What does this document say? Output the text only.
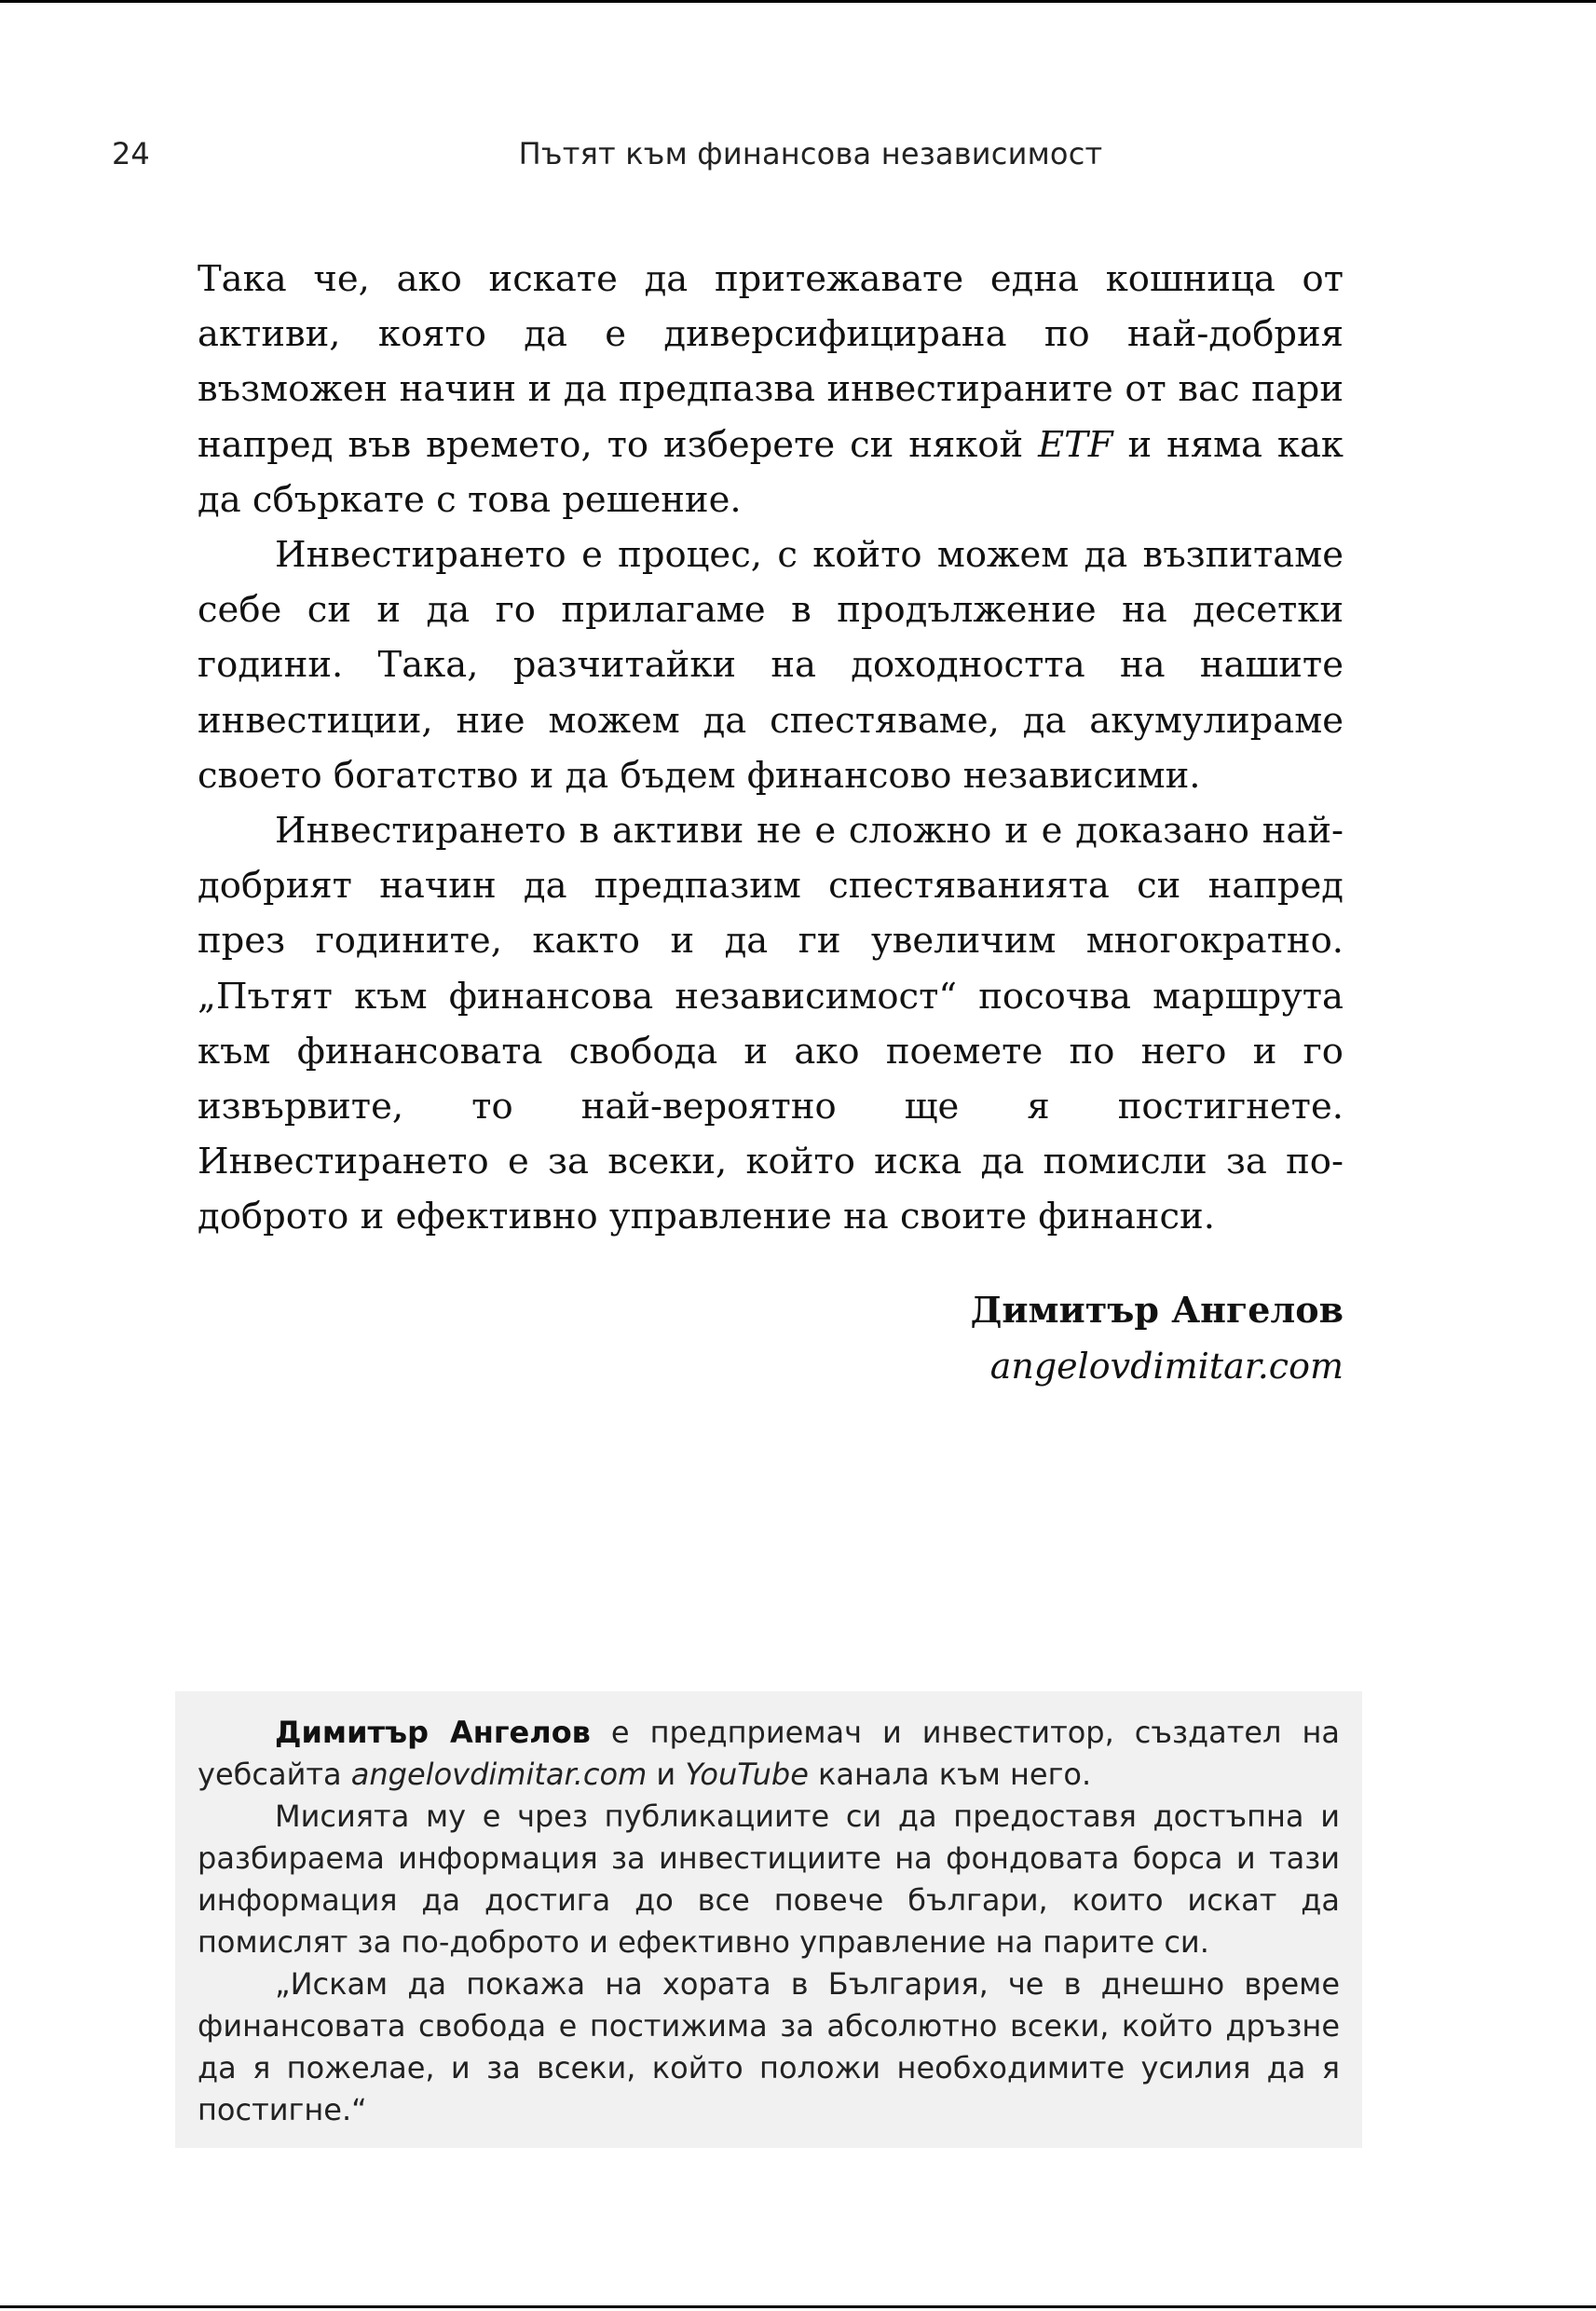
24	Пътят към финансова независимост

Така че, ако искате да притежавате една кошница от активи, която да е диверсифицирана по най-добрия възможен начин и да предпазва инвестираните от вас пари напред във времето, то изберете си някой ETF и няма как да сбъркате с това решение.

Инвестирането е процес, с който можем да възпитаме себе си и да го прилагаме в продължение на десетки години. Така, разчитайки на доходността на нашите инвестиции, ние можем да спестяваме, да акумулираме своето богатство и да бъдем финансово независими.

Инвестирането в активи не е сложно и е доказано най-добрият начин да предпазим спестяванията си напред през годините, както и да ги увеличим многократно. „Пътят към финансова независимост“ посочва маршрута към финансовата свобода и ако поемете по него и го извървите, то най-вероятно ще я постигнете. Инвестирането е за всеки, който иска да помисли за по-доброто и ефективно управление на своите финанси.

Димитър Ангелов
angelovdimitar.com

Димитър Ангелов е предприемач и инвеститор, създател на уебсайта angelovdimitar.com и YouTube канала към него.

Мисията му е чрез публикациите си да предоставя достъпна и разбираема информация за инвестициите на фондовата борса и тази информация да достига до все повече българи, които искат да помислят за по-доброто и ефективно управление на парите си.

„Искам да покажа на хората в България, че в днешно време финансовата свобода е постижима за абсолютно всеки, който дръзне да я пожелае, и за всеки, който положи необходимите усилия да я постигне.“
